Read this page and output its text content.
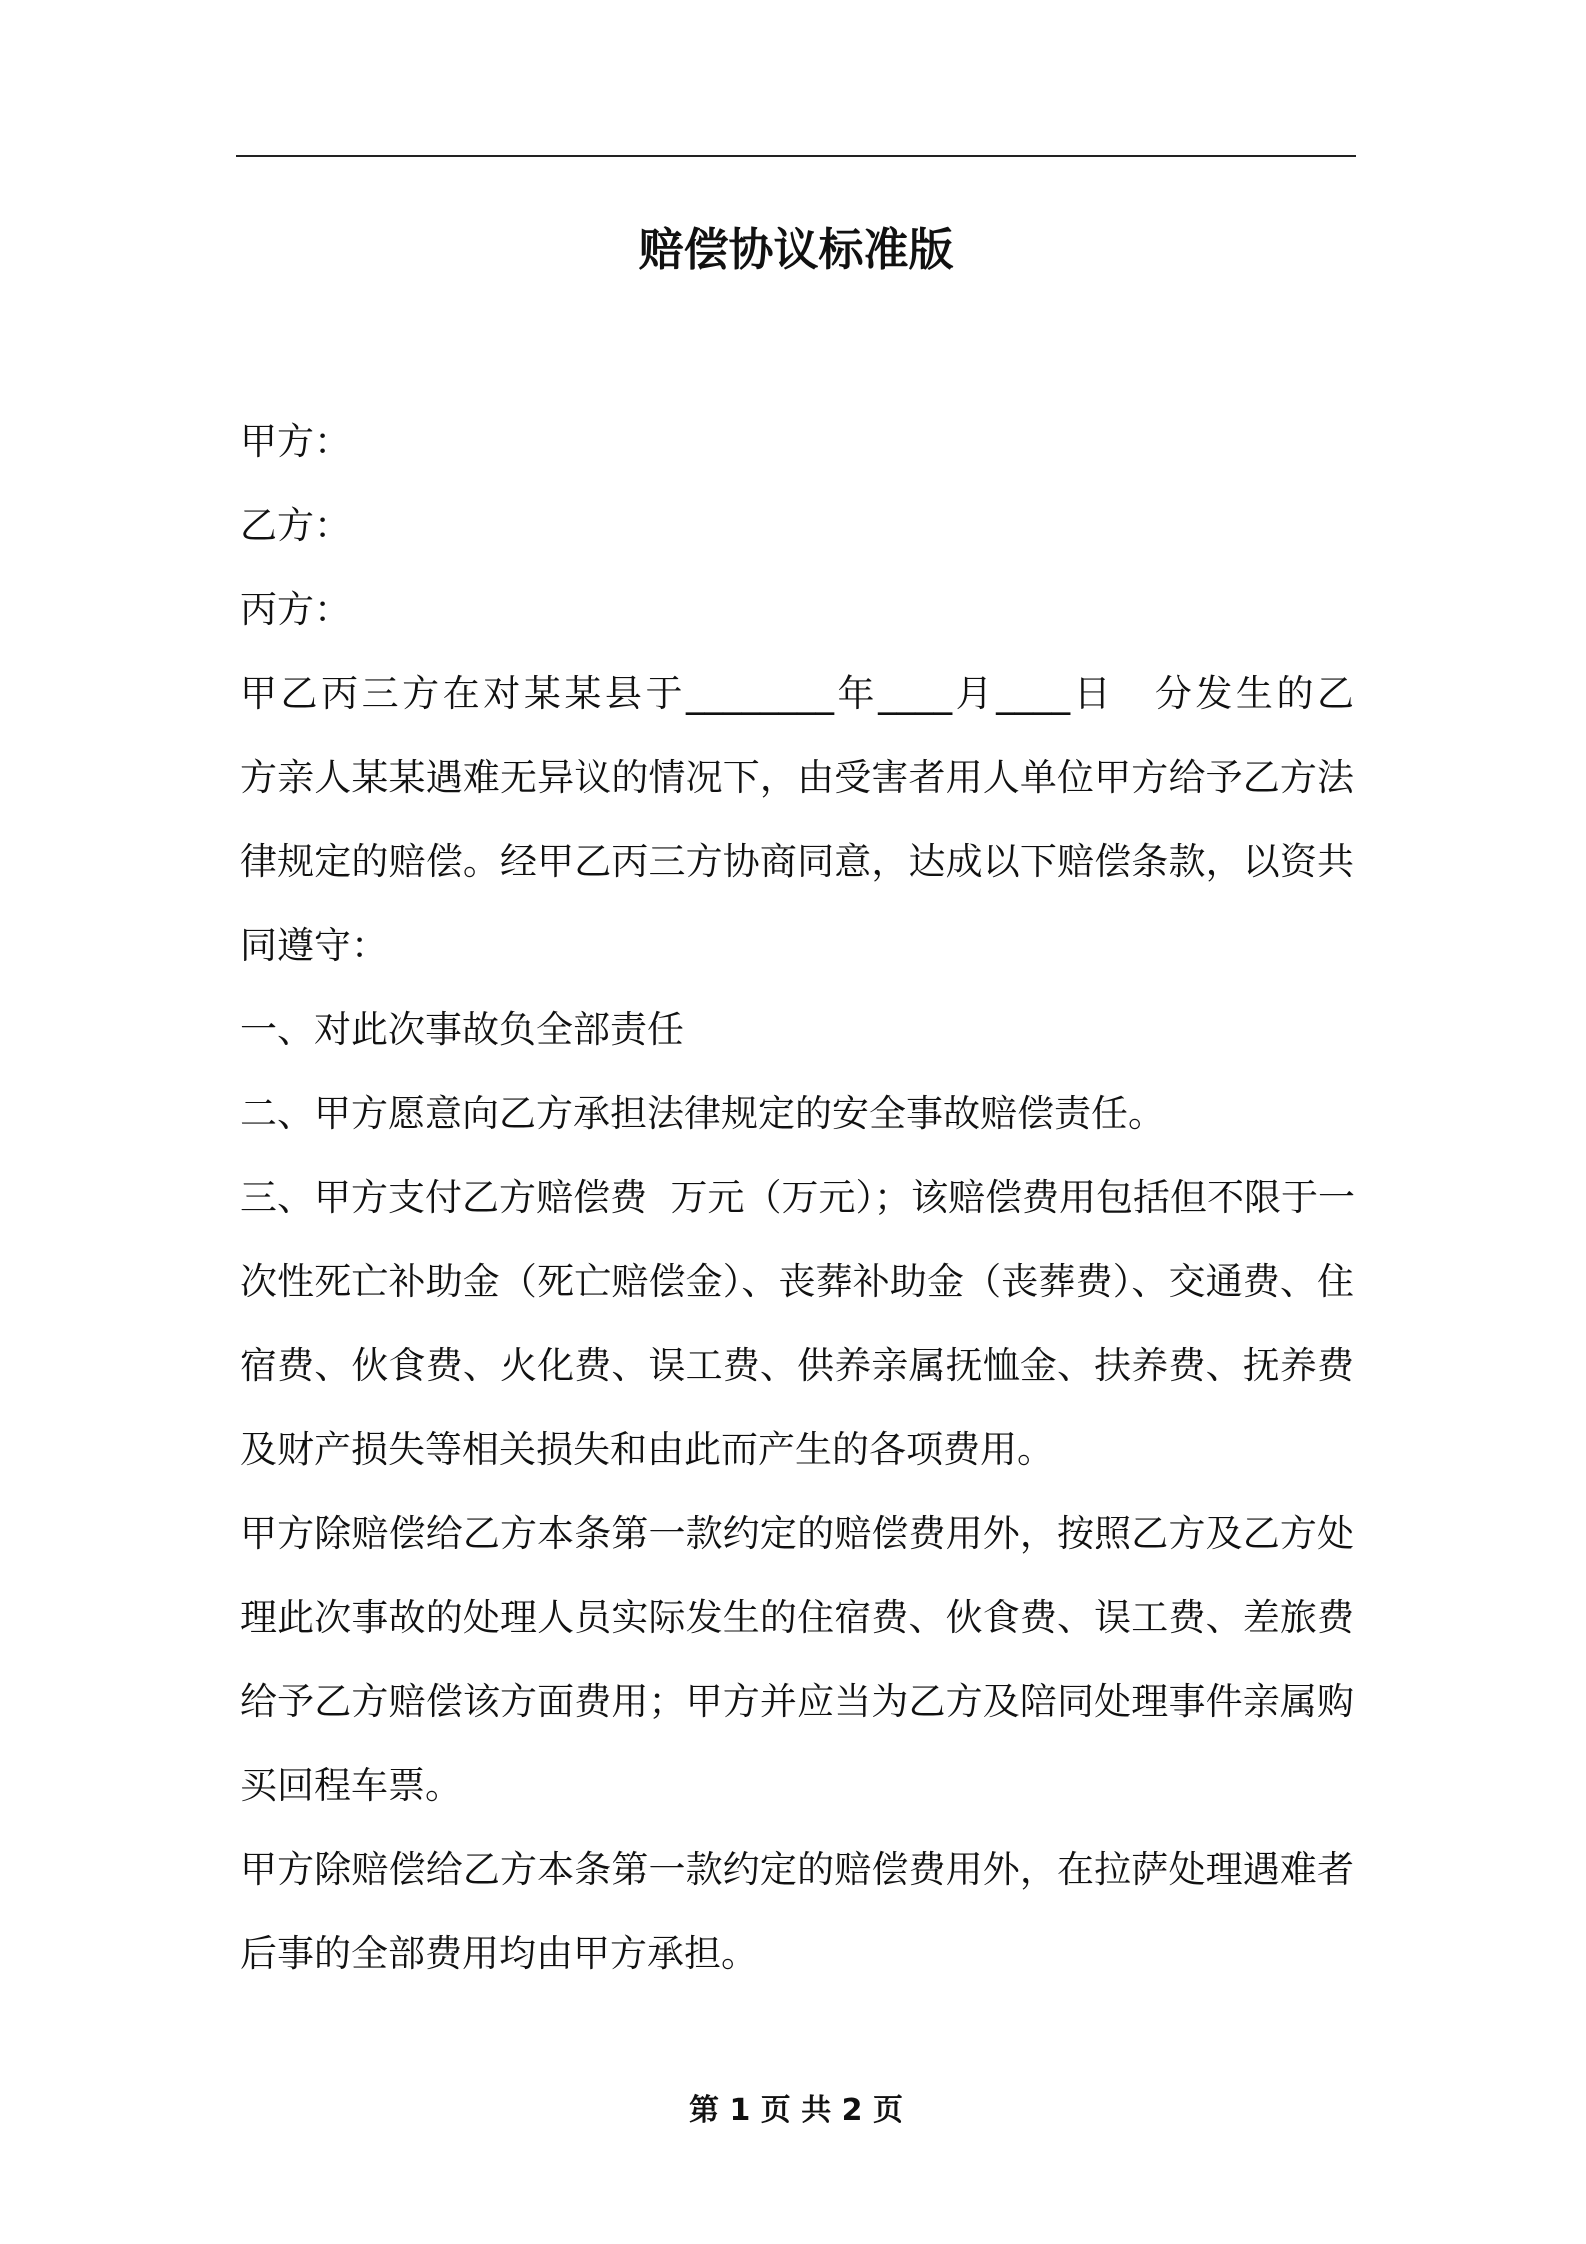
赔偿协议标准版
甲方：
乙方：
丙方：
甲乙丙三方在对某某县于________年____月____日　分发生的乙
方亲人某某遇难无异议的情况下，由受害者用人单位甲方给予乙方法
律规定的赔偿。经甲乙丙三方协商同意，达成以下赔偿条款，以资共
同遵守：
一、对此次事故负全部责任
二、甲方愿意向乙方承担法律规定的安全事故赔偿责任。
三、甲方支付乙方赔偿费  万元（万元）；该赔偿费用包括但不限于一
次性死亡补助金（死亡赔偿金）、丧葬补助金（丧葬费）、交通费、住
宿费、伙食费、火化费、误工费、供养亲属抚恤金、扶养费、抚养费
及财产损失等相关损失和由此而产生的各项费用。
甲方除赔偿给乙方本条第一款约定的赔偿费用外，按照乙方及乙方处
理此次事故的处理人员实际发生的住宿费、伙食费、误工费、差旅费
给予乙方赔偿该方面费用；甲方并应当为乙方及陪同处理事件亲属购
买回程车票。
甲方除赔偿给乙方本条第一款约定的赔偿费用外，在拉萨处理遇难者
后事的全部费用均由甲方承担。
第 1 页 共 2 页
